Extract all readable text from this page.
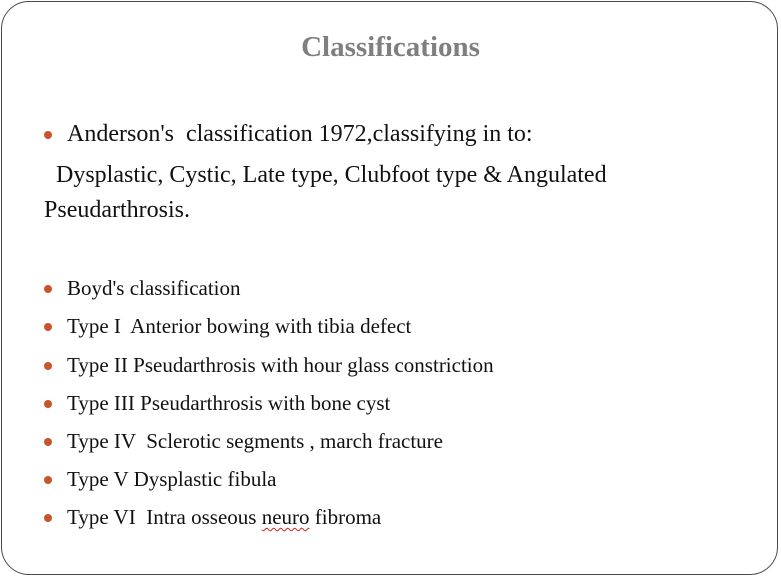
Classifications
Anderson's  classification 1972,classifying in to:
Dysplastic, Cystic, Late type, Clubfoot type & Angulated
Pseudarthrosis.
Boyd's classification
Type I  Anterior bowing with tibia defect
Type II Pseudarthrosis with hour glass constriction
Type III Pseudarthrosis with bone cyst
Type IV  Sclerotic segments , march fracture
Type V Dysplastic fibula
Type VI  Intra osseous neuro fibroma
